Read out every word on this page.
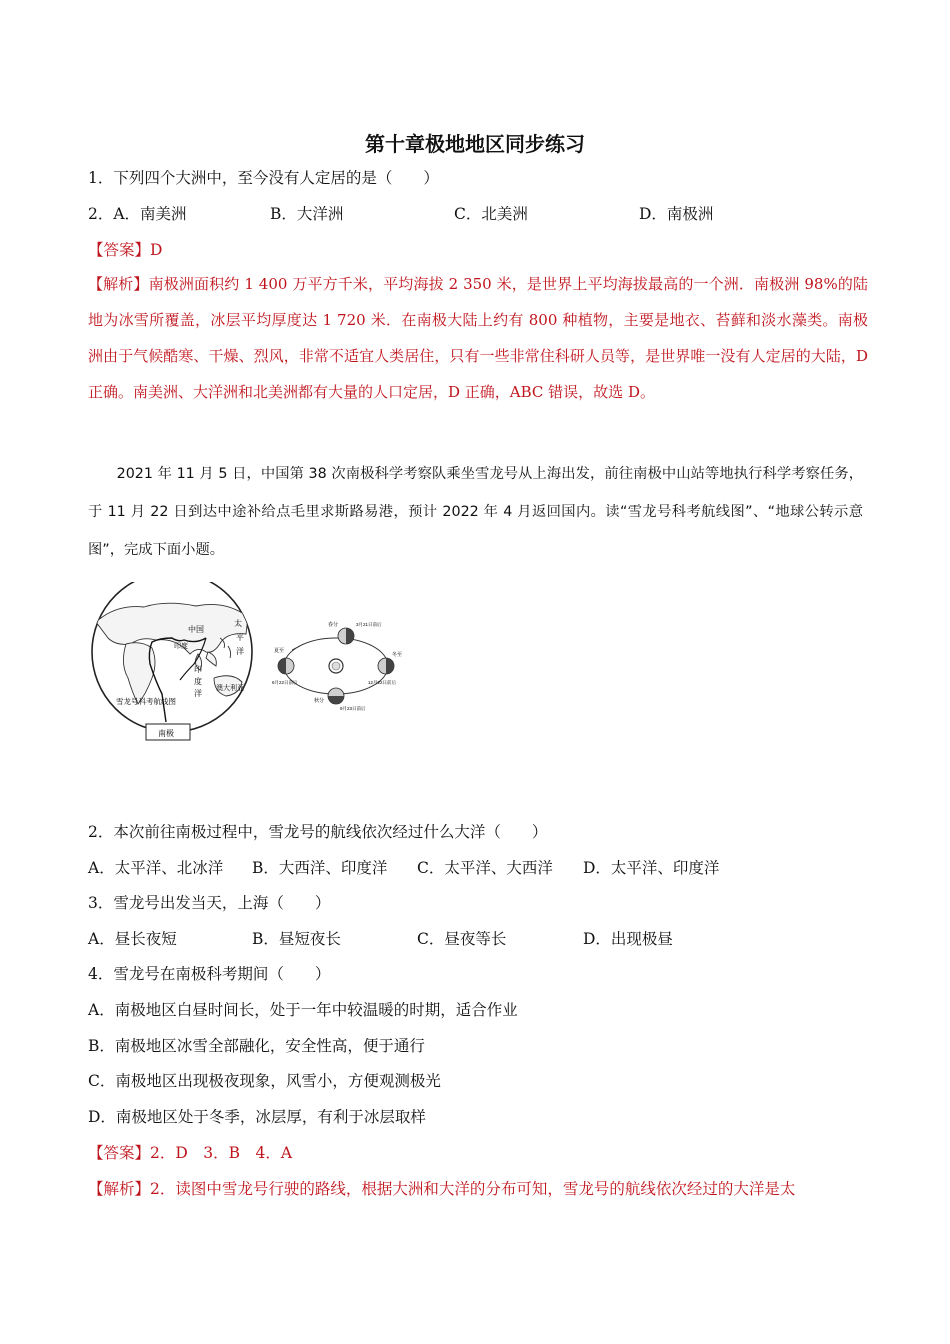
第十章极地地区同步练习
1．下列四个大洲中，至今没有人定居的是（　　）
2．A．南美洲	B．大洋洲	C．北美洲	D．南极洲
【答案】D
【解析】南极洲面积约 1 400 万平方千米，平均海拔 2 350 米，是世界上平均海拔最高的一个洲．南极洲 98%的陆地为冰雪所覆盖，冰层平均厚度达 1 720 米．在南极大陆上约有 800 种植物，主要是地衣、苔藓和淡水藻类。南极洲由于气候酷寒、干燥、烈风，非常不适宜人类居住，只有一些非常住科研人员等，是世界唯一没有人定居的大陆，D 正确。南美洲、大洋洲和北美洲都有大量的人口定居，D 正确，ABC 错误，故选 D。
2021 年 11 月 5 日，中国第 38 次南极科学考察队乘坐雪龙号从上海出发，前往南极中山站等地执行科学考察任务，于 11 月 22 日到达中途补给点毛里求斯路易港，预计 2022 年 4 月返回国内。读“雪龙号科考航线图”、“地球公转示意图”，完成下面小题。
中国
太
平
洋
印度
印
度
洋
澳大利亚
雪龙号科考航线图
南极
春分	3月21日前后
夏至
6月22日前后
冬至
12月22日前后
秋分
9月23日前后
2．本次前往南极过程中，雪龙号的航线依次经过什么大洋（　　）
A．太平洋、北冰洋 B．大西洋、印度洋 C．太平洋、大西洋 D．太平洋、印度洋
3．雪龙号出发当天，上海（　　）
A．昼长夜短	B．昼短夜长	C．昼夜等长	D．出现极昼
4．雪龙号在南极科考期间（　　）
A．南极地区白昼时间长，处于一年中较温暖的时期，适合作业
B．南极地区冰雪全部融化，安全性高，便于通行
C．南极地区出现极夜现象，风雪小，方便观测极光
D．南极地区处于冬季，冰层厚，有利于冰层取样
【答案】2．D　3．B　4．A
【解析】2．读图中雪龙号行驶的路线，根据大洲和大洋的分布可知，雪龙号的航线依次经过的大洋是太
